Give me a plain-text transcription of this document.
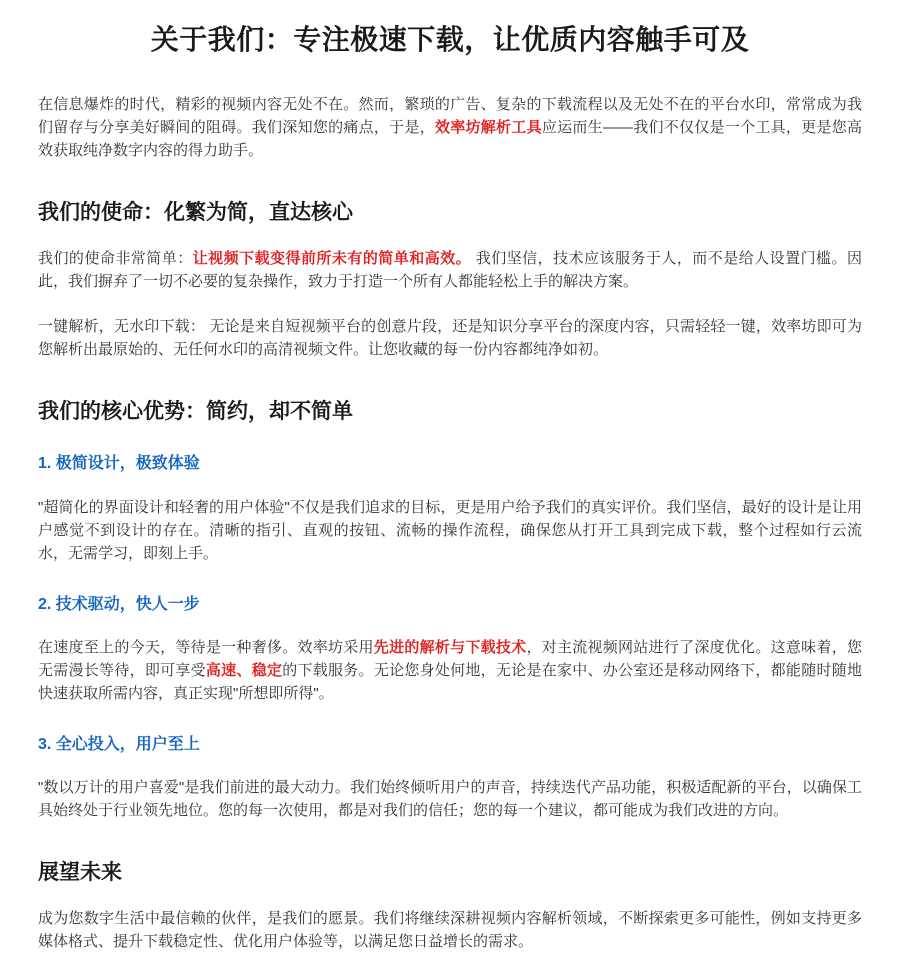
关于我们：专注极速下载，让优质内容触手可及

在信息爆炸的时代，精彩的视频内容无处不在。然而，繁琐的广告、复杂的下载流程以及无处不在的平台水印，常常成为我们留存与分享美好瞬间的阻碍。我们深知您的痛点，于是，效率坊解析工具应运而生——我们不仅仅是一个工具，更是您高效获取纯净数字内容的得力助手。

我们的使命：化繁为简，直达核心

我们的使命非常简单：让视频下载变得前所未有的简单和高效。 我们坚信，技术应该服务于人，而不是给人设置门槛。因此，我们摒弃了一切不必要的复杂操作，致力于打造一个所有人都能轻松上手的解决方案。

一键解析，无水印下载： 无论是来自短视频平台的创意片段，还是知识分享平台的深度内容，只需轻轻一键，效率坊即可为您解析出最原始的、无任何水印的高清视频文件。让您收藏的每一份内容都纯净如初。

我们的核心优势：简约，却不简单
1. 极简设计，极致体验

"超简化的界面设计和轻奢的用户体验"不仅是我们追求的目标，更是用户给予我们的真实评价。我们坚信，最好的设计是让用户感觉不到设计的存在。清晰的指引、直观的按钮、流畅的操作流程，确保您从打开工具到完成下载，整个过程如行云流水，无需学习，即刻上手。

2. 技术驱动，快人一步

在速度至上的今天，等待是一种奢侈。效率坊采用先进的解析与下载技术，对主流视频网站进行了深度优化。这意味着，您无需漫长等待，即可享受高速、稳定的下载服务。无论您身处何地，无论是在家中、办公室还是移动网络下，都能随时随地快速获取所需内容，真正实现"所想即所得"。

3. 全心投入，用户至上

"数以万计的用户喜爱"是我们前进的最大动力。我们始终倾听用户的声音，持续迭代产品功能，积极适配新的平台，以确保工具始终处于行业领先地位。您的每一次使用，都是对我们的信任；您的每一个建议，都可能成为我们改进的方向。

展望未来

成为您数字生活中最信赖的伙伴，是我们的愿景。我们将继续深耕视频内容解析领域，不断探索更多可能性，例如支持更多媒体格式、提升下载稳定性、优化用户体验等，以满足您日益增长的需求。
